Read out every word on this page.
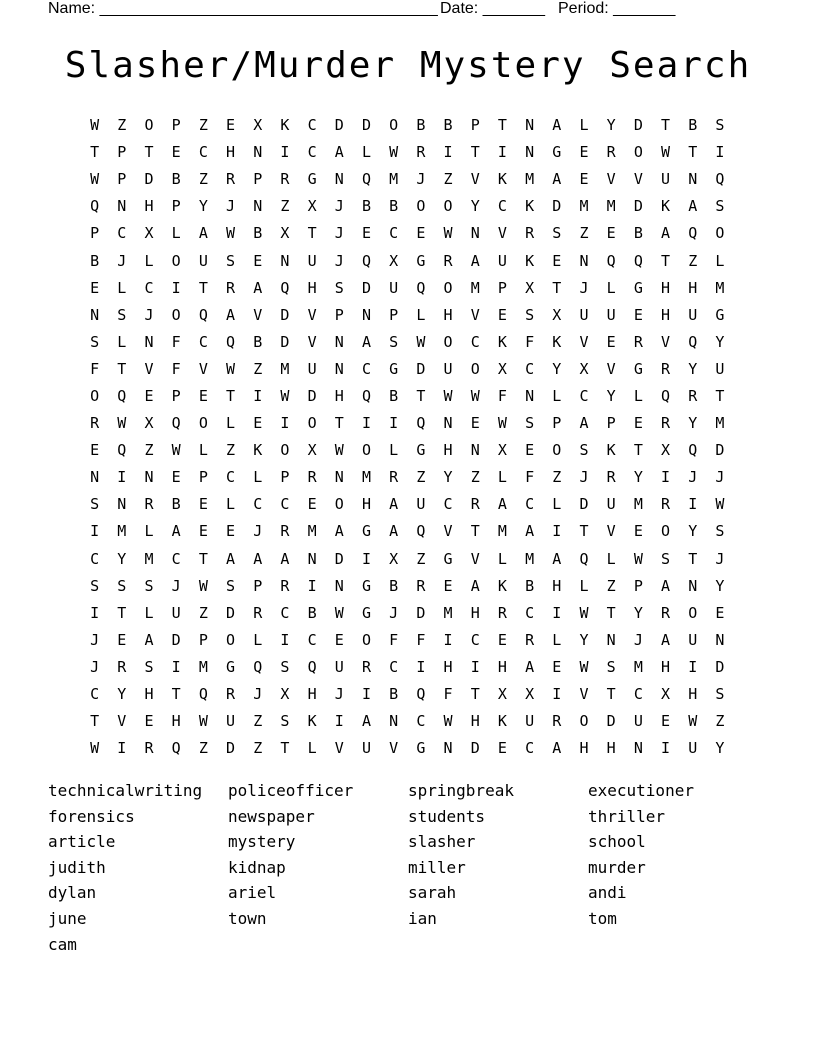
Name: ______________________________________ Date: _______ Period: _______
Slasher/Murder Mystery Search
W	Z	O	P	Z	E	X	K	C	D	D	O	B	B	P	T	N	A	L	Y	D	T	B	S
T	P	T	E	C	H	N	I	C	A	L	W	R	I	T	I	N	G	E	R	O	W	T	I
W	P	D	B	Z	R	P	R	G	N	Q	M	J	Z	V	K	M	A	E	V	V	U	N	Q
Q	N	H	P	Y	J	N	Z	X	J	B	B	O	O	Y	C	K	D	M	M	D	K	A	S
P	C	X	L	A	W	B	X	T	J	E	C	E	W	N	V	R	S	Z	E	B	A	Q	O
B	J	L	O	U	S	E	N	U	J	Q	X	G	R	A	U	K	E	N	Q	Q	T	Z	L
E	L	C	I	T	R	A	Q	H	S	D	U	Q	O	M	P	X	T	J	L	G	H	H	M
N	S	J	O	Q	A	V	D	V	P	N	P	L	H	V	E	S	X	U	U	E	H	U	G
S	L	N	F	C	Q	B	D	V	N	A	S	W	O	C	K	F	K	V	E	R	V	Q	Y
F	T	V	F	V	W	Z	M	U	N	C	G	D	U	O	X	C	Y	X	V	G	R	Y	U
O	Q	E	P	E	T	I	W	D	H	Q	B	T	W	W	F	N	L	C	Y	L	Q	R	T
R	W	X	Q	O	L	E	I	O	T	I	I	Q	N	E	W	S	P	A	P	E	R	Y	M
E	Q	Z	W	L	Z	K	O	X	W	O	L	G	H	N	X	E	O	S	K	T	X	Q	D
N	I	N	E	P	C	L	P	R	N	M	R	Z	Y	Z	L	F	Z	J	R	Y	I	J	J
S	N	R	B	E	L	C	C	E	O	H	A	U	C	R	A	C	L	D	U	M	R	I	W
I	M	L	A	E	E	J	R	M	A	G	A	Q	V	T	M	A	I	T	V	E	O	Y	S
C	Y	M	C	T	A	A	A	N	D	I	X	Z	G	V	L	M	A	Q	L	W	S	T	J
S	S	S	J	W	S	P	R	I	N	G	B	R	E	A	K	B	H	L	Z	P	A	N	Y
I	T	L	U	Z	D	R	C	B	W	G	J	D	M	H	R	C	I	W	T	Y	R	O	E
J	E	A	D	P	O	L	I	C	E	O	F	F	I	C	E	R	L	Y	N	J	A	U	N
J	R	S	I	M	G	Q	S	Q	U	R	C	I	H	I	H	A	E	W	S	M	H	I	D
C	Y	H	T	Q	R	J	X	H	J	I	B	Q	F	T	X	X	I	V	T	C	X	H	S
T	V	E	H	W	U	Z	S	K	I	A	N	C	W	H	K	U	R	O	D	U	E	W	Z
W	I	R	Q	Z	D	Z	T	L	V	U	V	G	N	D	E	C	A	H	H	N	I	U	Y
technicalwriting	policeofficer	springbreak	executioner
forensics	newspaper	students	thriller
article	mystery	slasher	school
judith	kidnap	miller	murder
dylan	ariel	sarah	andi
june	town	ian	tom
cam
